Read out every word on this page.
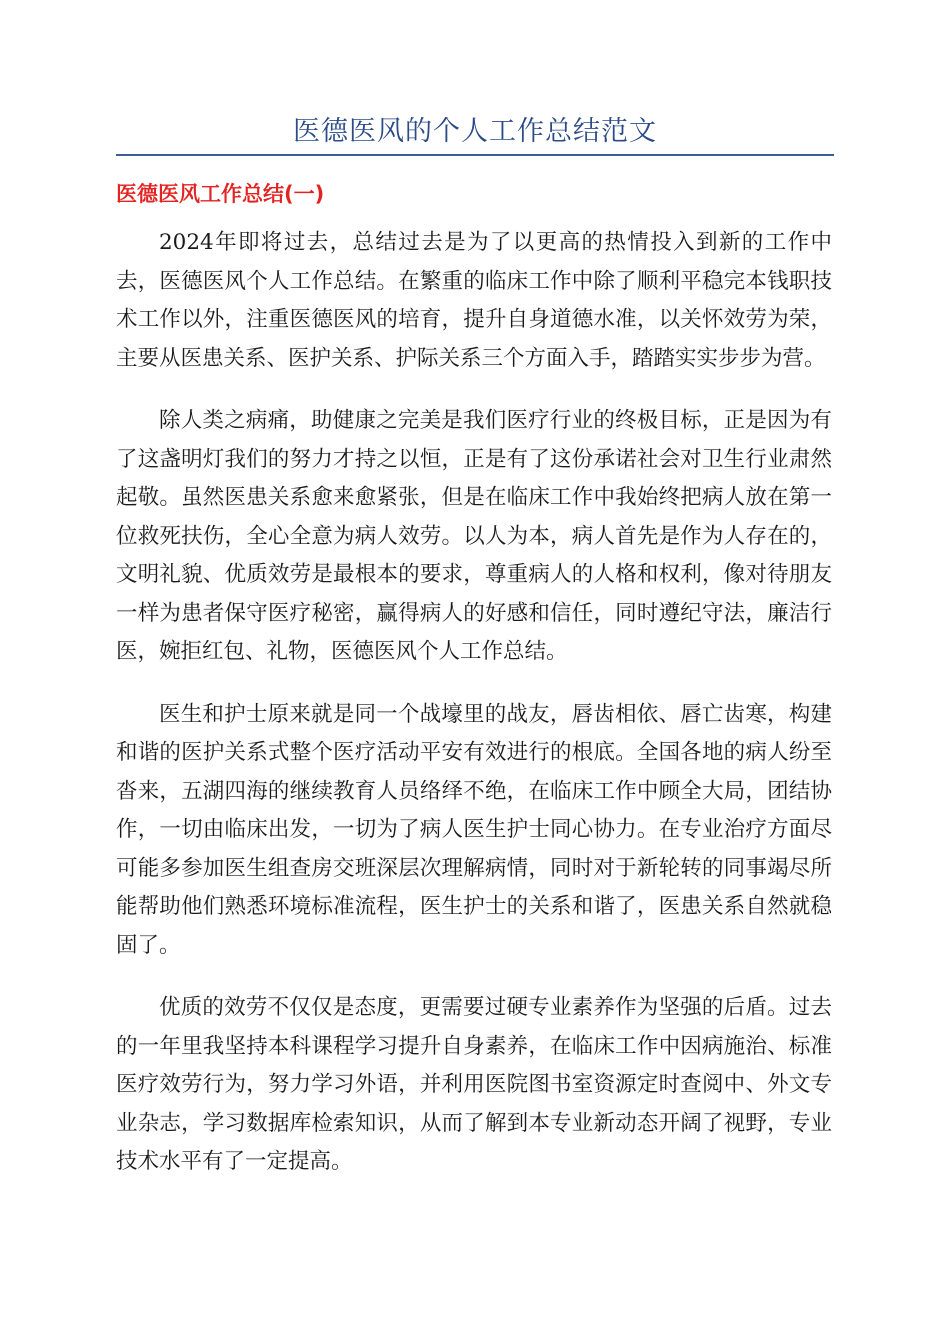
医德医风的个人工作总结范文
医德医风工作总结(一)

2024年即将过去，总结过去是为了以更高的热情投入到新的工作中去，医德医风个人工作总结。在繁重的临床工作中除了顺利平稳完本钱职技术工作以外，注重医德医风的培育，提升自身道德水准，以关怀效劳为荣，主要从医患关系、医护关系、护际关系三个方面入手，踏踏实实步步为营。

除人类之病痛，助健康之完美是我们医疗行业的终极目标，正是因为有了这盏明灯我们的努力才持之以恒，正是有了这份承诺社会对卫生行业肃然起敬。虽然医患关系愈来愈紧张，但是在临床工作中我始终把病人放在第一位救死扶伤，全心全意为病人效劳。以人为本，病人首先是作为人存在的，文明礼貌、优质效劳是最根本的要求，尊重病人的人格和权利，像对待朋友一样为患者保守医疗秘密，赢得病人的好感和信任，同时遵纪守法，廉洁行医，婉拒红包、礼物，医德医风个人工作总结。

医生和护士原来就是同一个战壕里的战友，唇齿相依、唇亡齿寒，构建和谐的医护关系式整个医疗活动平安有效进行的根底。全国各地的病人纷至沓来，五湖四海的继续教育人员络绎不绝，在临床工作中顾全大局，团结协作，一切由临床出发，一切为了病人医生护士同心协力。在专业治疗方面尽可能多参加医生组查房交班深层次理解病情，同时对于新轮转的同事竭尽所能帮助他们熟悉环境标准流程，医生护士的关系和谐了，医患关系自然就稳固了。

优质的效劳不仅仅是态度，更需要过硬专业素养作为坚强的后盾。过去的一年里我坚持本科课程学习提升自身素养，在临床工作中因病施治、标准医疗效劳行为，努力学习外语，并利用医院图书室资源定时查阅中、外文专业杂志，学习数据库检索知识，从而了解到本专业新动态开阔了视野，专业技术水平有了一定提高。
